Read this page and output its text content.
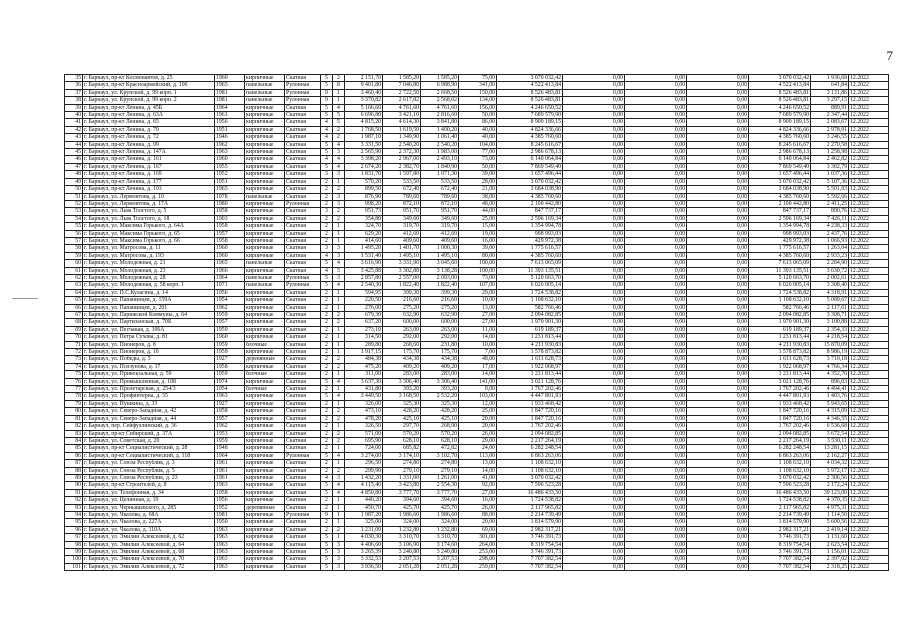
7
35	г. Барнаул, пр-кт Космонавтов, д. 25	1960	кирпичные	Скатная	5	2	2 151,70	1 585,20	1 585,20	75,00	3 070 032,42	0,00	0,00	0,00	3 070 032,42	1 936,68	12.2022
36	г. Барнаул, пр-кт Красноармейский, д. 106	1965	панельные	Рулонная	5	8	9 401,80	7 046,80	6 988,90	341,00	4 522 413,84	0,00	0,00	0,00	4 522 413,84	641,84	12.2022
37	г. Барнаул, ул. Крупской, д. 99 корп. 1	1981	панельные	Рулонная	9	1	3 460,40	2 722,50	2 668,50	150,00	8 526 483,81	0,00	0,00	0,00	8 526 483,81	3 131,86	12.2022
38	г. Барнаул, ул. Крупской, д. 99 корп. 2	1981	панельные	Рулонная	9	1	3 370,82	2 617,82	2 568,02	134,00	8 526 483,81	0,00	0,00	0,00	8 526 483,81	3 297,15	12.2022
39	г. Барнаул, пр-кт Ленина, д. 45Б	1964	кирпичные	Скатная	5	4	5 166,60	4 761,60	4 761,60	156,00	4 246 650,52	0,00	0,00	0,00	4 246 650,52	889,91	12.2022
40	г. Барнаул, пр-кт Ленина, д. 63А	1961	кирпичные	Скатная	5	5	6 696,80	3 421,10	2 816,60	50,00	7 689 579,90	0,00	0,00	0,00	7 689 579,90	2 347,44	12.2022
41	г. Барнаул, пр-кт Ленина, д. 65	1956	кирпичные	Скатная	4	5	4 815,20	4 614,30	3 841,80	86,00	8 900 189,15	0,00	0,00	0,00	8 900 189,15	2 083,67	12.2022
42	г. Барнаул, пр-кт Ленина, д. 70	1951	кирпичные	Скатная	4	2	1 768,50	1 619,50	1 400,20	40,00	4 824 336,66	0,00	0,00	0,00	4 824 336,66	2 978,91	12.2022
43	г. Барнаул, пр-кт Ленина, д. 72	1946	кирпичные	Скатная	4	2	1 987,10	1 349,90	1 061,40	40,00	4 385 760,60	0,00	0,00	0,00	4 385 760,60	3 246,55	12.2022
44	г. Барнаул, пр-кт Ленина, д. 99	1962	кирпичные	Скатная	5	4	3 331,50	2 540,20	2 540,20	104,00	8 245 616,67	0,00	0,00	0,00	8 245 616,67	2 270,58	12.2022
45	г. Барнаул, пр-кт Ленина, д. 147А	1963	кирпичные	Скатная	5	3	2 565,90	2 372,30	1 983,00	77,00	2 986 678,13	0,00	0,00	0,00	2 986 678,13	1 258,98	12.2022
46	г. Барнаул, пр-кт Ленина, д. 161	1960	кирпичные	Скатная	4	4	3 398,20	2 967,00	2 493,10	73,00	6 140 064,84	0,00	0,00	0,00	6 140 064,84	2 462,82	12.2022
47	г. Барнаул, пр-кт Ленина, д. 167	1955	кирпичные	Скатная	5	4	2 674,20	2 382,70	1 840,90	50,00	7 869 549,40	0,00	0,00	0,00	7 869 549,40	3 302,79	12.2022
48	г. Барнаул, пр-кт Ленина, д. 169	1952	кирпичные	Скатная	3	3	1 831,70	1 597,80	1 071,30	39,00	1 657 496,44	0,00	0,00	0,00	1 657 496,44	1 037,36	12.2022
49	г. Барнаул, пр-кт Ленина, д. 177	1951	кирпичные	Скатная	2	1	570,20	533,50	533,50	28,00	3 070 032,42	0,00	0,00	0,00	3 070 032,42	5 107,36	12.2022
50	г. Барнаул, пр-кт Ленина, д. 193	1965	кирпичные	Скатная	2	2	899,50	672,40	672,40	21,00	3 684 038,90	0,00	0,00	0,00	3 684 038,90	5 501,93	12.2022
51	г. Барнаул, ул. Лермонтова, д. 10	1978	панельные	Скатная	2	3	876,90	789,60	789,60	38,00	4 385 760,60	0,00	0,00	0,00	4 385 760,60	5 592,66	12.2022
52	г. Барнаул, ул. Лермонтова, д. 17А	1980	кирпичные	Рулонная	2	3	998,20	872,10	872,10	48,00	2 100 442,80	0,00	0,00	0,00	2 100 442,80	2 411,25	12.2022
53	г. Барнаул, ул. Льва Толстого, д. 5	1958	кирпичные	Скатная	3	2	951,73	951,70	951,70	44,00	847 737,17	0,00	0,00	0,00	847 737,17	890,76	12.2022
54	г. Барнаул, ул. Льва Толстого, д. 18	1903	кирпичные	Скатная	2	2	354,80	349,60	349,60	25,00	2 596 169,34	0,00	0,00	0,00	2 596 169,34	7 426,11	12.2022
55	г. Барнаул, ул. Максима Горького, д. 64А	1958	кирпичные	Скатная	2	1	324,70	319,70	319,70	15,00	1 354 994,78	0,00	0,00	0,00	1 354 994,78	4 238,33	12.2022
56	г. Барнаул, ул. Максима Горького, д. 65	1957	кирпичные	Скатная	2	1	629,20	412,60	412,60	19,00	998 993,03	0,00	0,00	0,00	998 993,03	2 437,76	12.2022
57	г. Барнаул, ул. Максима Горького, д. 66	1958	кирпичные	Скатная	2	1	414,60	409,60	409,60	16,00	429 972,38	0,00	0,00	0,00	429 972,38	1 066,93	12.2022
58	г. Барнаул, ул. Матросова, д. 11	1960	кирпичные	Скатная	3	3	1 495,20	1 401,70	1 000,30	39,00	1 775 616,57	0,00	0,00	0,00	1 775 616,57	1 263,04	12.2022
59	г. Барнаул, ул. Матросова, д. 193	1960	кирпичные	Скатная	4	3	1 531,40	1 495,10	1 495,10	80,00	4 385 760,60	0,00	0,00	0,00	4 385 760,60	2 933,23	12.2022
60	г. Барнаул, ул. Молодежная, д. 21	1965	панельные	Скатная	5	4	3 616,90	3 331,90	3 045,60	100,00	7 613 065,09	0,00	0,00	0,00	7 613 065,09	2 284,90	12.2022
61	г. Барнаул, ул. Молодежная, д. 23	1966	кирпичные	Скатная	4	5	3 425,88	3 302,88	3 138,28	100,00	11 393 135,51	0,00	0,00	0,00	11 393 135,51	3 630,72	12.2022
62	г. Барнаул, ул. Молодежная, д. 28	1964	панельные	Рулонная	5	3	2 857,80	2 557,00	2 093,00	73,00	5 120 663,70	0,00	0,00	0,00	5 120 663,70	2 002,61	12.2022
63	г. Барнаул, ул. Молодежная, д. 58 корп. 1	1971	панельные	Рулонная	5	4	2 540,30	1 822,40	1 822,40	107,00	6 026 905,14	0,00	0,00	0,00	6 026 905,14	3 308,40	12.2022
64	г. Барнаул, ул. П.С.Кулагина, д. 14	1956	кирпичные	Скатная	2	1	594,95	399,30	399,30	29,00	1 724 538,82	0,00	0,00	0,00	1 724 538,82	4 318,91	12.2022
65	г. Барнаул, ул. Папанинцев, д. 159А	1954	кирпичные	Скатная	2	1	220,50	216,60	216,60	10,00	1 108 632,10	0,00	0,00	0,00	1 108 632,10	5 089,67	12.2022
66	г. Барнаул, ул. Папанинцев, д. 201	1962	кирпичные	Скатная	2	1	276,00	275,20	275,20	13,00	582 766,46	0,00	0,00	0,00	582 766,46	2 117,61	12.2022
67	г. Барнаул, ул. Парижской Коммуны, д. 64	1959	кирпичные	Скатная	2	2	679,30	632,90	632,90	27,00	2 094 082,85	0,00	0,00	0,00	2 094 082,85	3 308,71	12.2022
68	г. Барнаул, ул. Партизанская, д. 70Б	1957	кирпичные	Скатная	2	2	637,20	600,00	600,00	27,00	1 970 901,30	0,00	0,00	0,00	1 970 901,30	3 100,88	12.2022
69	г. Барнаул, ул. Песчаная, д. 106А	1959	кирпичные	Скатная	2	1	273,10	263,00	263,00	11,00	619 189,37	0,00	0,00	0,00	619 189,37	2 354,33	12.2022
70	г. Барнаул, ул. Петра Сухова, д. 81	1960	кирпичные	Скатная	2	1	314,50	292,00	292,00	14,00	1 231 813,44	0,00	0,00	0,00	1 231 813,44	4 218,54	12.2022
71	г. Барнаул, ул. Пионеров, д. 8	1959	блочные	Скатная	2	1	289,80	268,60	231,80	10,00	4 211 930,83	0,00	0,00	0,00	4 211 930,83	15 870,09	12.2022
72	г. Барнаул, ул. Пионеров, д. 10	1959	кирпичные	Скатная	2	1	1 917,15	175,70	175,70	7,00	1 578 873,82	0,00	0,00	0,00	1 578 873,82	8 986,19	12.2022
73	г. Барнаул, ул. Победы, д. 5	1927	деревянные	Скатная	2	2	484,38	434,38	434,38	48,00	1 611 628,73	0,00	0,00	0,00	1 611 628,73	3 710,18	12.2022
74	г. Барнаул, ул. Ползунова, д. 17	1958	кирпичные	Скатная	2	2	475,20	409,20	409,20	17,00	1 922 068,97	0,00	0,00	0,00	1 922 068,97	4 766,34	12.2022
75	г. Барнаул, ул. Привокзальная, д. 59	1959	блочные	Скатная	2	1	311,00	283,00	283,00	14,00	1 231 813,44	0,00	0,00	0,00	1 231 813,44	4 352,70	12.2022
76	г. Барнаул, ул. Промышленная, д. 108	1974	кирпичные	Скатная	5	4	3 637,30	3 306,40	3 306,40	141,00	3 021 128,76	0,00	0,00	0,00	3 021 128,76	896,03	12.2022
77	г. Барнаул, ул. Пролетарская, д. 254/3	1954	блочные	Скатная	2	1	431,80	393,20	393,20	9,00	1 767 202,46	0,00	0,00	0,00	1 767 202,46	4 494,41	12.2022
78	г. Барнаул, ул. Профинтерна, д. 35	1963	кирпичные	Скатная	5	4	3 449,50	3 168,50	2 532,20	103,00	4 447 801,93	0,00	0,00	0,00	4 447 801,93	1 403,76	12.2022
79	г. Барнаул, ул. Пушкина, д. 33	1927	кирпичные	Скатная	2	1	326,00	325,30	325,30	12,00	1 933 468,42	0,00	0,00	0,00	1 933 468,42	5 943,65	12.2022
80	г. Барнаул, ул. Северо-Западная, д. 42	1958	кирпичные	Скатная	2	2	473,10	428,20	428,20	25,00	1 847 720,16	0,00	0,00	0,00	1 847 720,16	4 315,09	12.2022
81	г. Барнаул, ул. Северо-Западная, д. 44	1957	кирпичные	Скатная	2	2	478,20	425,10	425,10	20,00	1 847 720,16	0,00	0,00	0,00	1 847 720,16	4 346,55	12.2022
82	г. Барнаул, пер. Сейфуллинский, д. 36	1962	кирпичные	Скатная	2	1	326,50	297,70	268,90	20,00	1 767 202,46	0,00	0,00	0,00	1 767 202,46	6 536,68	12.2022
83	г. Барнаул, пр-кт Сибирский, д. 37А	1953	кирпичные	Скатная	2	2	571,00	570,20	570,20	26,00	2 094 082,85	0,00	0,00	0,00	2 094 082,85	3 672,54	12.2022
84	г. Барнаул, ул. Советская, д. 20	1959	кирпичные	Скатная	2	2	695,90	628,10	628,10	29,00	2 217 264,19	0,00	0,00	0,00	2 217 264,19	3 530,11	12.2022
85	г. Барнаул, пр-кт Социалистический, д. 28	1948	кирпичные	Скатная	2	1	724,00	685,82	472,82	24,00	6 282 248,54	0,00	0,00	0,00	6 282 248,54	13 281,15	12.2022
86	г. Барнаул, пр-кт Социалистический, д. 118	1964	кирпичные	Рулонная	5	4	3 274,00	3 174,10	3 102,70	113,00	6 863 263,06	0,00	0,00	0,00	6 863 263,06	2 162,27	12.2022
87	г. Барнаул, ул. Союза Республик, д. 3	1961	кирпичные	Скатная	2	1	296,50	274,80	274,80	13,00	1 108 632,10	0,00	0,00	0,00	1 108 632,10	4 034,32	12.2022
88	г. Барнаул, ул. Союза Республик, д. 5	1961	кирпичные	Скатная	2	2	299,90	279,10	279,10	14,00	1 108 632,10	0,00	0,00	0,00	1 108 632,10	3 972,17	12.2022
89	г. Барнаул, ул. Союза Республик, д. 23	1961	кирпичные	Скатная	4	3	1 432,20	1 331,00	1 261,00	41,00	3 070 032,42	0,00	0,00	0,00	3 070 032,42	2 306,56	12.2022
90	г. Барнаул, пр-кт Строителей, д. 8	1963	кирпичные	Скатная	5	4	4 115,40	3 423,80	2 554,30	92,00	7 596 523,28	0,00	0,00	0,00	7 596 523,28	2 172,24	12.2022
91	г. Барнаул, ул. Телефонная, д. 34	1958	кирпичные	Скатная	5	4	4 850,80	3 777,70	3 777,70	27,00	16 486 433,50	0,00	0,00	0,00	16 486 433,50	39 123,00	12.2022
92	г. Барнаул, ул. Целинная, д. 19	1956	кирпичные	Скатная	2	1	440,20	394,60	394,60	16,00	1 724 538,82	0,00	0,00	0,00	1 724 538,82	4 370,35	12.2022
93	г. Барнаул, ул. Чернышевского, д. 285	1952	деревянные	Скатная	2	1	450,70	425,70	425,70	26,00	2 117 965,82	0,00	0,00	0,00	2 117 965,82	4 975,31	12.2022
94	г. Барнаул, ул. Чкалова, д. 68А	1981	кирпичные	Рулонная	9	1	1 987,20	1 986,60	1 986,60	88,00	2 214 739,49	0,00	0,00	0,00	2 214 739,49	1 114,50	12.2022
95	г. Барнаул, ул. Чкалова, д. 227А	1950	кирпичные	Скатная	2	1	325,00	324,00	324,00	20,00	1 814 579,90	0,00	0,00	0,00	1 814 579,90	5 600,56	12.2022
96	г. Барнаул, ул. Чкалова, д. 110А	1963	кирпичные	Скатная	2	2	1 231,00	1 232,80	1 232,80	69,00	2 982 317,21	0,00	0,00	0,00	2 982 317,21	2 419,14	12.2022
97	г. Барнаул, ул. Эмилии Алексеевой, д. 62	1963	кирпичные	Скатная	5	1	4 030,30	3 310,70	3 310,70	301,00	3 746 391,73	0,00	0,00	0,00	3 746 391,73	1 131,60	12.2022
98	г. Барнаул, ул. Эмилии Алексеевой, д. 64	1963	кирпичные	Скатная	5	3	4 406,60	3 196,90	3 174,60	264,00	8 319 754,54	0,00	0,00	0,00	8 319 754,54	2 623,54	12.2022
99	г. Барнаул, ул. Эмилии Алексеевой, д. 68	1963	кирпичные	Скатная	5	3	3 265,39	3 240,80	3 240,80	253,00	3 746 391,73	0,00	0,00	0,00	3 746 391,73	1 156,01	12.2022
100	г. Барнаул, ул. Эмилии Алексеевой, д. 70	1963	кирпичные	Скатная	5	3	3 332,53	3 207,53	3 207,53	298,00	7 707 382,54	0,00	0,00	0,00	7 707 382,54	2 397,02	12.2022
101	г. Барнаул, ул. Эмилии Алексеевой, д. 72	1963	кирпичные	Скатная	5	3	3 936,50	2 051,28	2 051,28	259,00	7 707 382,54	0,00	0,00	0,00	7 707 382,54	2 318,25	12.2022
